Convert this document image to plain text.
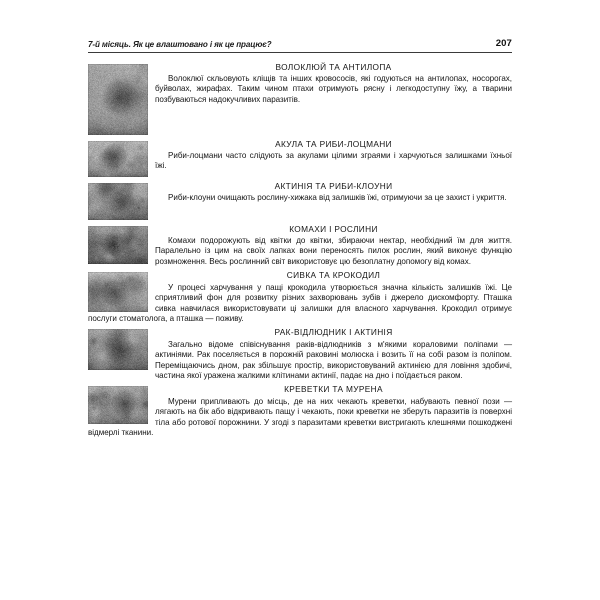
7-й місяць. Як це влаштовано і як це працює?	207
ВОЛОКЛЮЙ ТА АНТИЛОПА

Волоклюї скльовують кліщів та інших кровососів, які годуються на антилопах, носорогах, буйволах, жирафах. Таким чином птахи отримують рясну і легкодоступну їжу, а тварини позбуваються надокучливих паразитів.

АКУЛА ТА РИБИ-ЛОЦМАНИ

Риби-лоцмани часто слідують за акулами цілими зграями і харчуються залишками їхньої їжі.

АКТИНІЯ ТА РИБИ-КЛОУНИ

Риби-клоуни очищають рослину-хижака від залишків їжі, отримуючи за це захист і укриття.

КОМАХИ І РОСЛИНИ

Комахи подорожують від квітки до квітки, збираючи нектар, необхідний їм для життя. Паралельно із цим на своїх лапках вони переносять пилок рослин, який виконує функцію розмноження. Весь рослинний світ використовує цю безоплатну допомогу від комах.

СИВКА ТА КРОКОДИЛ

У процесі харчування у пащі крокодила утворюється значна кількість залишків їжі. Це сприятливий фон для розвитку різних захворювань зубів і джерело дискомфорту. Пташка сивка навчилася використовувати ці залишки для власного харчування. Крокодил отримує послуги стоматолога, а пташка — поживу.

РАК-ВІДЛЮДНИК І АКТИНІЯ

Загально відоме співіснування раків-відлюдників з м'якими кораловими поліпами — актиніями. Рак поселяється в порожній раковині молюска і возить її на собі разом із поліпом. Переміщаючись дном, рак збільшує простір, використовуваний актинією для ловіння здобичі, частина якої уражена жалкими клітинами актинії, падає на дно і поїдається раком.

КРЕВЕТКИ ТА МУРЕНА

Мурени припливають до місць, де на них чекають креветки, набувають певної пози — лягають на бік або відкривають пащу і чекають, поки креветки не зберуть паразитів із поверхні тіла або ротової порожнини. У згоді з паразитами креветки вистригають клешнями пошкоджені відмерлі тканини.
